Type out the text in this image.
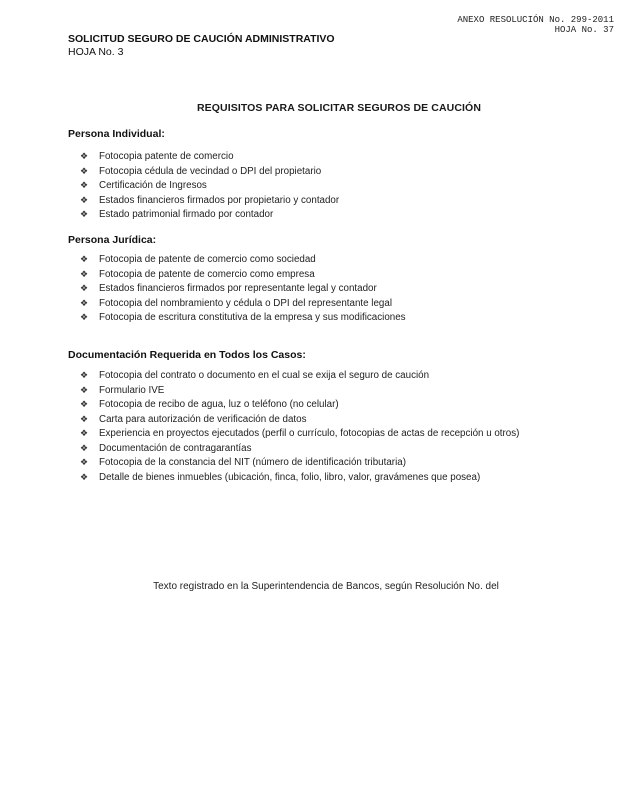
ANEXO RESOLUCIÓN No. 299-2011
HOJA No. 37
SOLICITUD SEGURO DE CAUCIÓN ADMINISTRATIVO
HOJA No. 3
REQUISITOS PARA SOLICITAR SEGUROS DE CAUCIÓN
Persona Individual:
❖ Fotocopia patente de comercio
❖ Fotocopia cédula de vecindad o DPI del propietario
❖ Certificación de Ingresos
❖ Estados financieros firmados por propietario y contador
❖ Estado patrimonial firmado por contador
Persona Jurídica:
❖ Fotocopia de patente de comercio como sociedad
❖ Fotocopia de patente de comercio como empresa
❖ Estados financieros firmados por representante legal y contador
❖ Fotocopia del nombramiento y cédula o DPI del representante legal
❖ Fotocopia de escritura constitutiva de la empresa y sus modificaciones
Documentación Requerida en Todos los Casos:
❖ Fotocopia del contrato o documento en el cual se exija el seguro de caución
❖ Formulario IVE
❖ Fotocopia de recibo de agua, luz o teléfono (no celular)
❖ Carta para autorización de verificación de datos
❖ Experiencia en proyectos ejecutados (perfil o currículo, fotocopias de actas de recepción u otros)
❖ Documentación de contragarantías
❖ Fotocopia de la constancia del NIT (número de identificación tributaria)
❖ Detalle de bienes inmuebles (ubicación, finca, folio, libro, valor, gravámenes que posea)
Texto registrado en la Superintendencia de Bancos, según Resolución No. del
